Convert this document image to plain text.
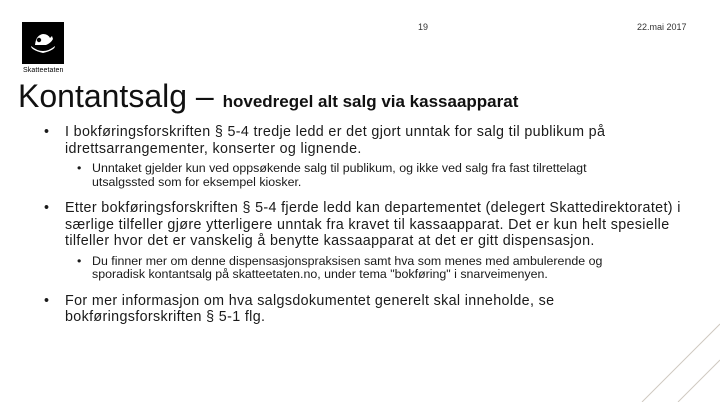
Skatteetaten
19	22.mai 2017
Kontantsalg – hovedregel alt salg via kassaapparat
• I bokføringsforskriften § 5-4 tredje ledd er det gjort unntak for salg til publikum på idrettsarrangementer, konserter og lignende.
• Unntaket gjelder kun ved oppsøkende salg til publikum, og ikke ved salg fra fast tilrettelagt utsalgssted som for eksempel kiosker.
• Etter bokføringsforskriften § 5-4 fjerde ledd kan departementet (delegert Skattedirektoratet) i særlige tilfeller gjøre ytterligere unntak fra kravet til kassaapparat. Det er kun helt spesielle tilfeller hvor det er vanskelig å benytte kassaapparat at det er gitt dispensasjon.
• Du finner mer om denne dispensasjonspraksisen samt hva som menes med ambulerende og sporadisk kontantsalg på skatteetaten.no, under tema "bokføring" i snarveimenyen.
• For mer informasjon om hva salgsdokumentet generelt skal inneholde, se bokføringsforskriften § 5-1 flg.
